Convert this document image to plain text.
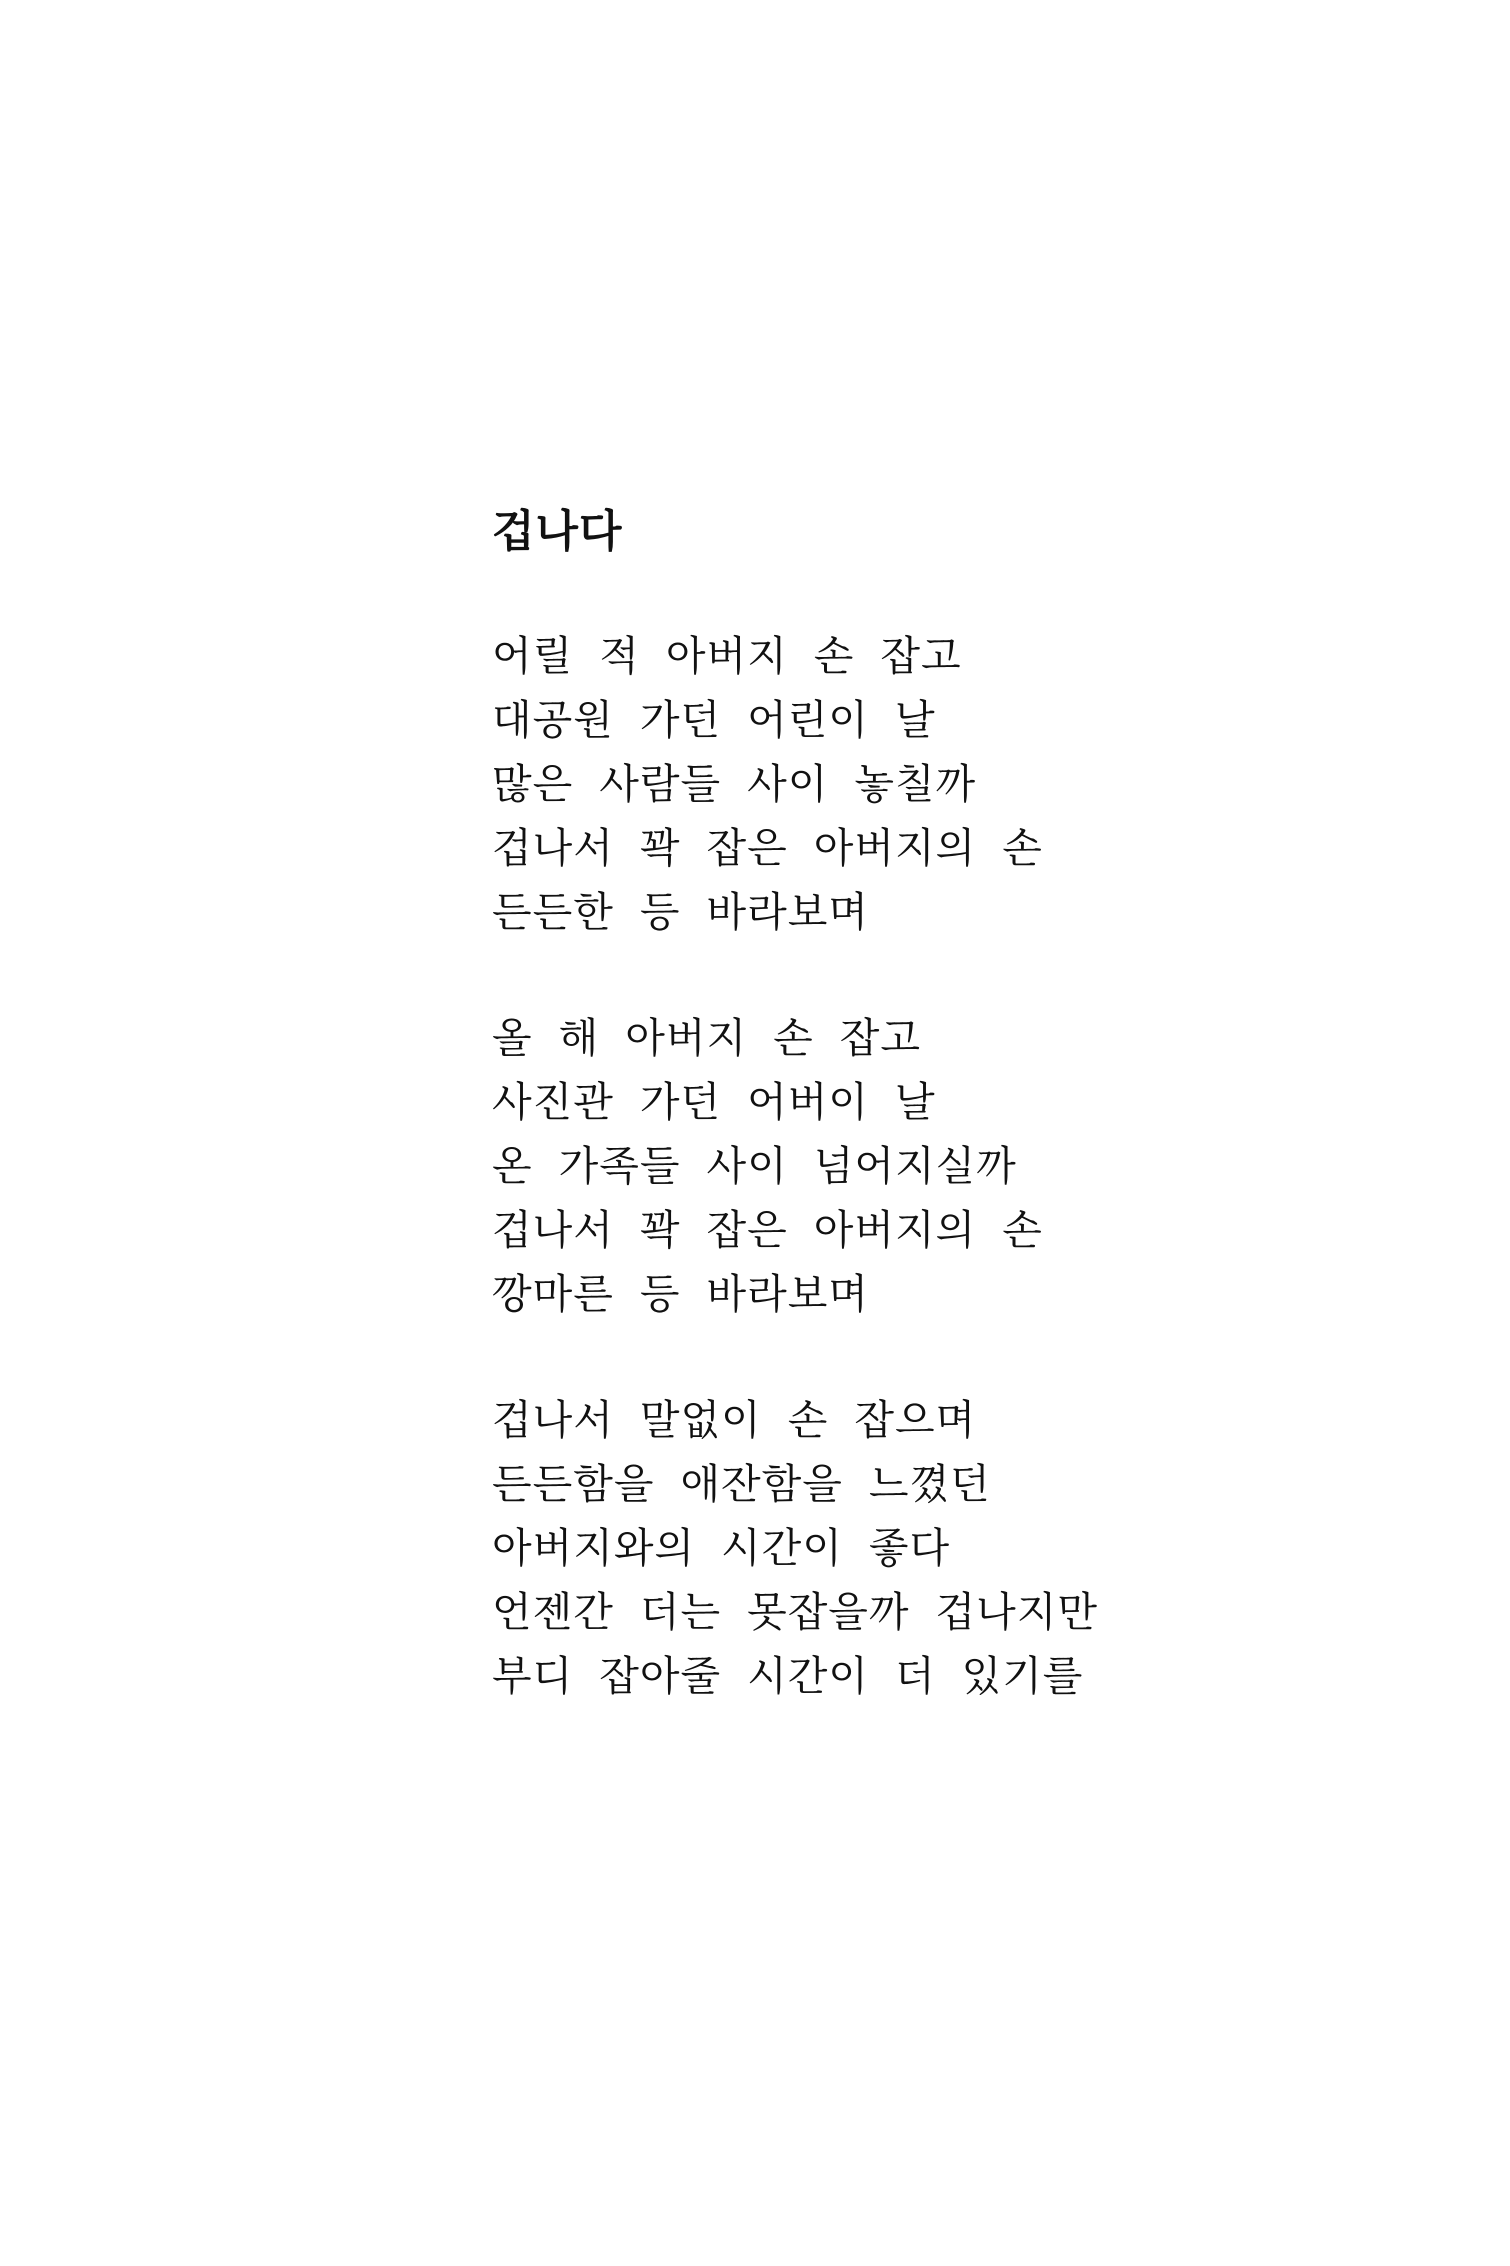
겁나다
어릴 적 아버지 손 잡고
대공원 가던 어린이 날
많은 사람들 사이 놓칠까
겁나서 꽉 잡은 아버지의 손
든든한 등 바라보며
올 해 아버지 손 잡고
사진관 가던 어버이 날
온 가족들 사이 넘어지실까
겁나서 꽉 잡은 아버지의 손
깡마른 등 바라보며
겁나서 말없이 손 잡으며
든든함을 애잔함을 느꼈던
아버지와의 시간이 좋다
언젠간 더는 못잡을까 겁나지만
부디 잡아줄 시간이 더 있기를
